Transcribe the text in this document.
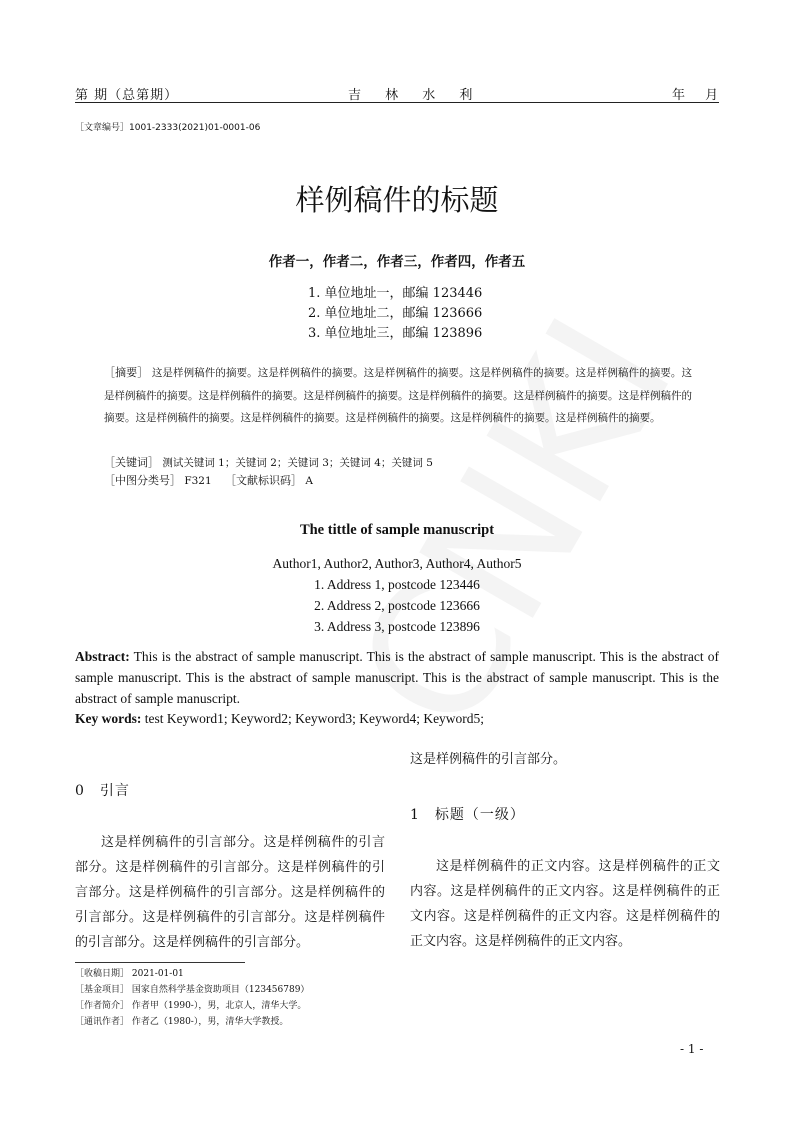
第 期（总第期）	吉 林 水 利	年 月
［文章编号］1001-2333(2021)01-0001-06
样例稿件的标题
作者一，作者二，作者三，作者四，作者五
1. 单位地址一，邮编 123446
2. 单位地址二，邮编 123666
3. 单位地址三，邮编 123896
［摘要］ 这是样例稿件的摘要。这是样例稿件的摘要。这是样例稿件的摘要。这是样例稿件的摘要。这是样例稿件的摘要。这是样例稿件的摘要。这是样例稿件的摘要。这是样例稿件的摘要。这是样例稿件的摘要。这是样例稿件的摘要。这是样例稿件的摘要。这是样例稿件的摘要。这是样例稿件的摘要。这是样例稿件的摘要。这是样例稿件的摘要。这是样例稿件的摘要。
［关键词］ 测试关键词 1；关键词 2；关键词 3；关键词 4；关键词 5
［中图分类号］ F321 ［文献标识码］ A
The tittle of sample manuscript
Author1, Author2, Author3, Author4, Author5
1. Address 1, postcode 123446
2. Address 2, postcode 123666
3. Address 3, postcode 123896
Abstract: This is the abstract of sample manuscript. This is the abstract of sample manuscript. This is the abstract of sample manuscript. This is the abstract of sample manuscript. This is the abstract of sample manuscript. This is the abstract of sample manuscript.
Key words: test Keyword1; Keyword2; Keyword3; Keyword4; Keyword5;
0　引言
这是样例稿件的引言部分。这是样例稿件的引言部分。这是样例稿件的引言部分。这是样例稿件的引言部分。这是样例稿件的引言部分。这是样例稿件的引言部分。这是样例稿件的引言部分。这是样例稿件的引言部分。这是样例稿件的引言部分。
这是样例稿件的引言部分。
1　标题（一级）
这是样例稿件的正文内容。这是样例稿件的正文内容。这是样例稿件的正文内容。这是样例稿件的正文内容。这是样例稿件的正文内容。这是样例稿件的正文内容。这是样例稿件的正文内容。
［收稿日期］ 2021-01-01
［基金项目］ 国家自然科学基金资助项目（123456789）
［作者简介］ 作者甲（1990-），男，北京人，清华大学。
［通讯作者］ 作者乙（1980-），男，清华大学教授。
- 1 -
